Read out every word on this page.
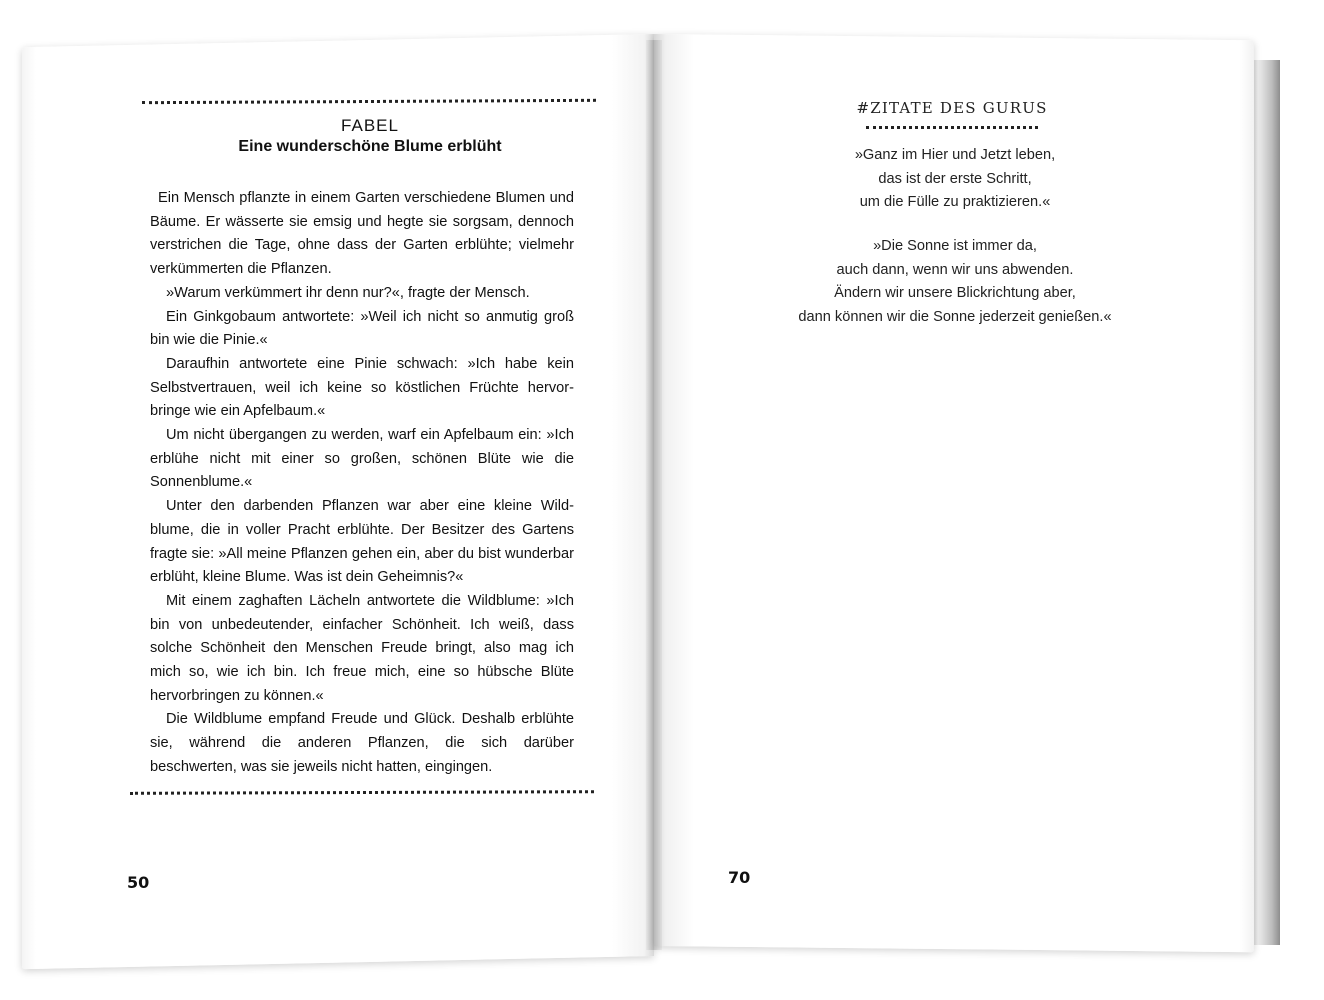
FABEL
Eine wunderschöne Blume erblüht

Ein Mensch pflanzte in einem Garten verschiedene Blumen und Bäume. Er wässerte sie emsig und hegte sie sorgsam, dennoch verstrichen die Tage, ohne dass der Garten erblühte; vielmehr verkümmerten die Pflanzen.

»Warum verkümmert ihr denn nur?«, fragte der Mensch.

Ein Ginkgobaum antwortete: »Weil ich nicht so anmutig groß bin wie die Pinie.«

Daraufhin antwortete eine Pinie schwach: »Ich habe kein Selbstvertrauen, weil ich keine so köstlichen Früchte hervorbringe wie ein Apfelbaum.«

Um nicht übergangen zu werden, warf ein Apfelbaum ein: »Ich erblühe nicht mit einer so großen, schönen Blüte wie die Sonnenblume.«

Unter den darbenden Pflanzen war aber eine kleine Wildblume, die in voller Pracht erblühte. Der Besitzer des Gartens fragte sie: »All meine Pflanzen gehen ein, aber du bist wunderbar erblüht, kleine Blume. Was ist dein Geheimnis?«

Mit einem zaghaften Lächeln antwortete die Wildblume: »Ich bin von unbedeutender, einfacher Schönheit. Ich weiß, dass solche Schönheit den Menschen Freude bringt, also mag ich mich so, wie ich bin. Ich freue mich, eine so hübsche Blüte hervorbringen zu können.«

Die Wildblume empfand Freude und Glück. Deshalb erblühte sie, während die anderen Pflanzen, die sich darüber beschwerten, was sie jeweils nicht hatten, eingingen.

50
#ZITATE DES GURUS
»Ganz im Hier und Jetzt leben,
das ist der erste Schritt,
um die Fülle zu praktizieren.«
»Die Sonne ist immer da,
auch dann, wenn wir uns abwenden.
Ändern wir unsere Blickrichtung aber,
dann können wir die Sonne jederzeit genießen.«
70
